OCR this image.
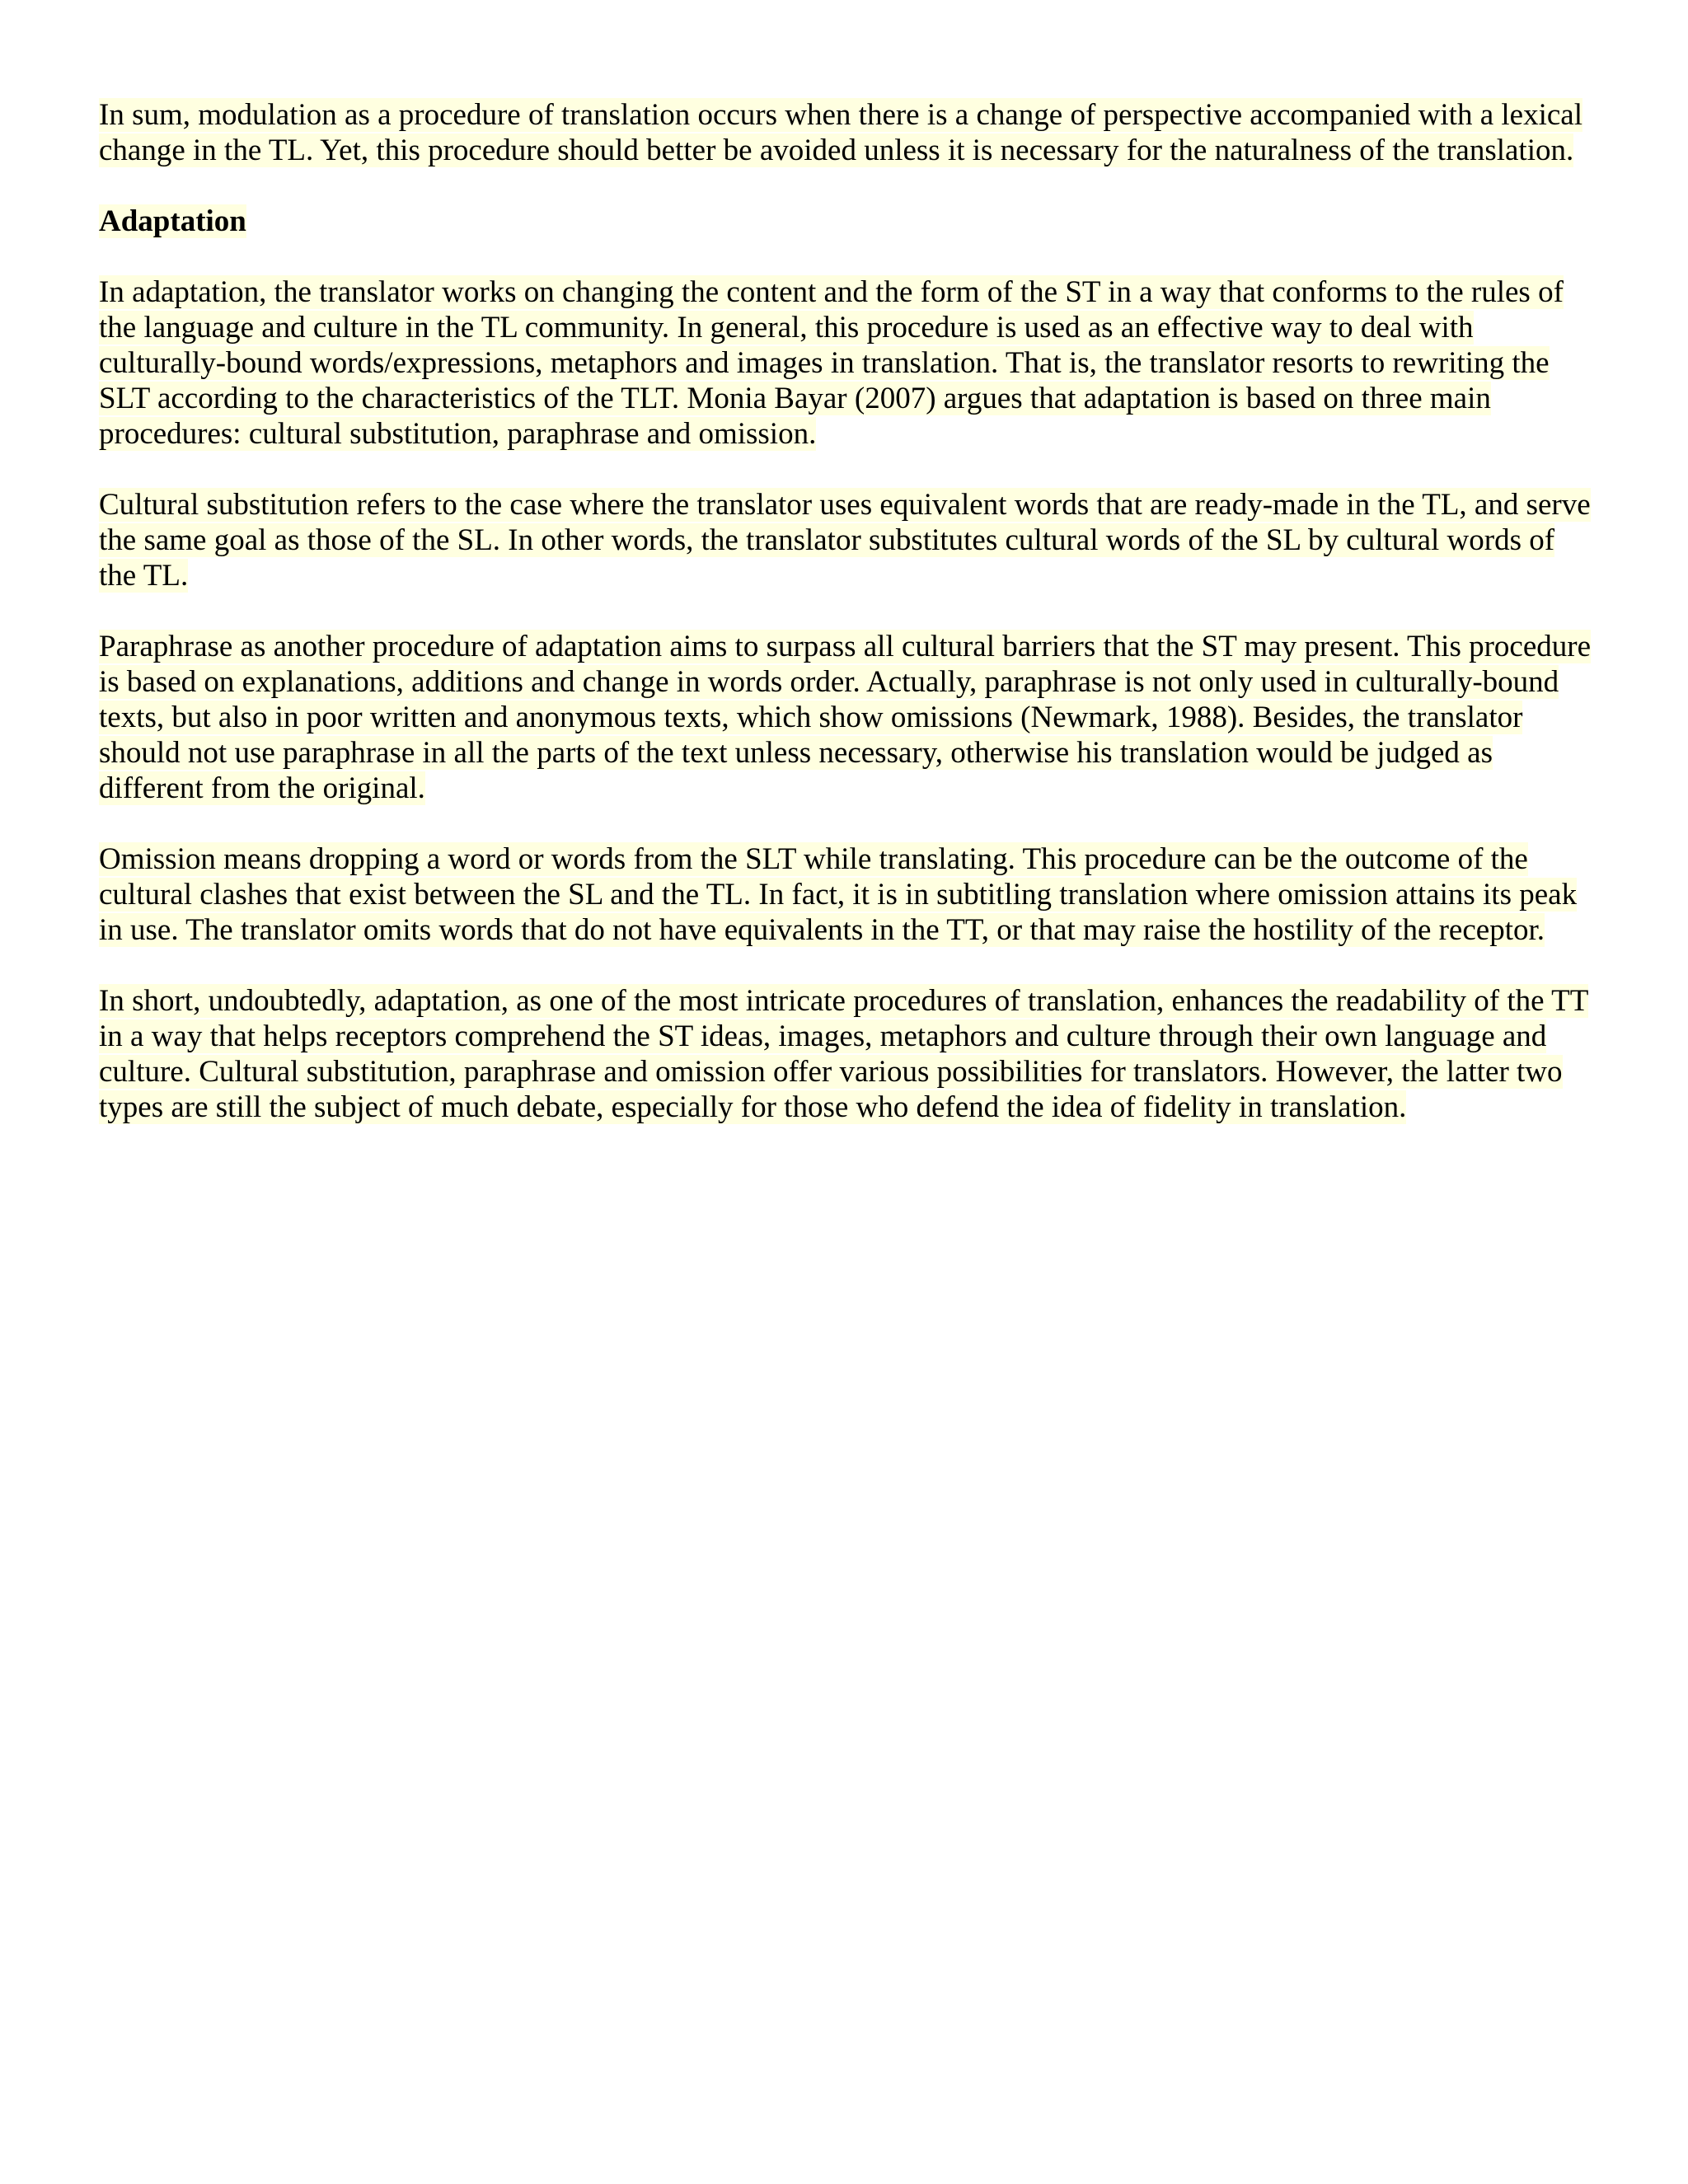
In sum, modulation as a procedure of translation occurs when there is a change of perspective accompanied with a lexical change in the TL. Yet, this procedure should better be avoided unless it is necessary for the naturalness of the translation.

Adaptation

In adaptation, the translator works on changing the content and the form of the ST in a way that conforms to the rules of the language and culture in the TL community. In general, this procedure is used as an effective way to deal with culturally-bound words/expressions, metaphors and images in translation. That is, the translator resorts to rewriting the SLT according to the characteristics of the TLT. Monia Bayar (2007) argues that adaptation is based on three main procedures: cultural substitution, paraphrase and omission.

Cultural substitution refers to the case where the translator uses equivalent words that are ready-made in the TL, and serve the same goal as those of the SL. In other words, the translator substitutes cultural words of the SL by cultural words of the TL.

Paraphrase as another procedure of adaptation aims to surpass all cultural barriers that the ST may present. This procedure is based on explanations, additions and change in words order. Actually, paraphrase is not only used in culturally-bound texts, but also in poor written and anonymous texts, which show omissions (Newmark, 1988). Besides, the translator should not use paraphrase in all the parts of the text unless necessary, otherwise his translation would be judged as different from the original.

Omission means dropping a word or words from the SLT while translating. This procedure can be the outcome of the cultural clashes that exist between the SL and the TL. In fact, it is in subtitling translation where omission attains its peak in use. The translator omits words that do not have equivalents in the TT, or that may raise the hostility of the receptor.

In short, undoubtedly, adaptation, as one of the most intricate procedures of translation, enhances the readability of the TT in a way that helps receptors comprehend the ST ideas, images, metaphors and culture through their own language and culture. Cultural substitution, paraphrase and omission offer various possibilities for translators. However, the latter two types are still the subject of much debate, especially for those who defend the idea of fidelity in translation.
